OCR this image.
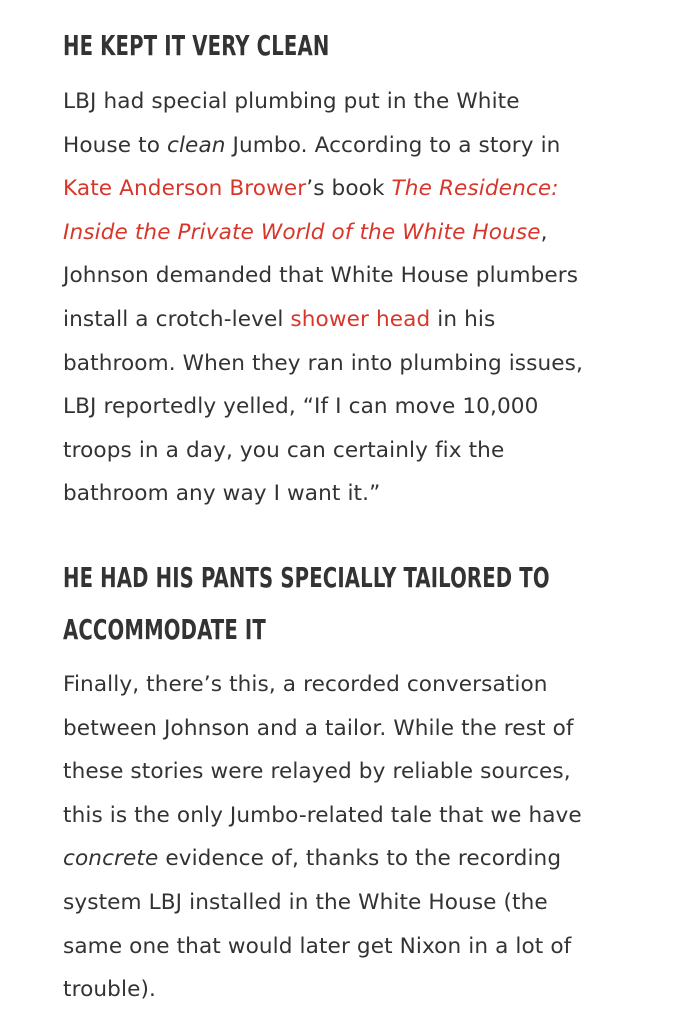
HE KEPT IT VERY CLEAN

LBJ had special plumbing put in the White
House to clean Jumbo. According to a story in
Kate Anderson Brower’s book The Residence:
Inside the Private World of the White House,
Johnson demanded that White House plumbers
install a crotch-level shower head in his
bathroom. When they ran into plumbing issues,
LBJ reportedly yelled, “If I can move 10,000
troops in a day, you can certainly fix the
bathroom any way I want it.”

HE HAD HIS PANTS SPECIALLY TAILORED TO
ACCOMMODATE IT

Finally, there’s this, a recorded conversation
between Johnson and a tailor. While the rest of
these stories were relayed by reliable sources,
this is the only Jumbo-related tale that we have
concrete evidence of, thanks to the recording
system LBJ installed in the White House (the
same one that would later get Nixon in a lot of
trouble).
